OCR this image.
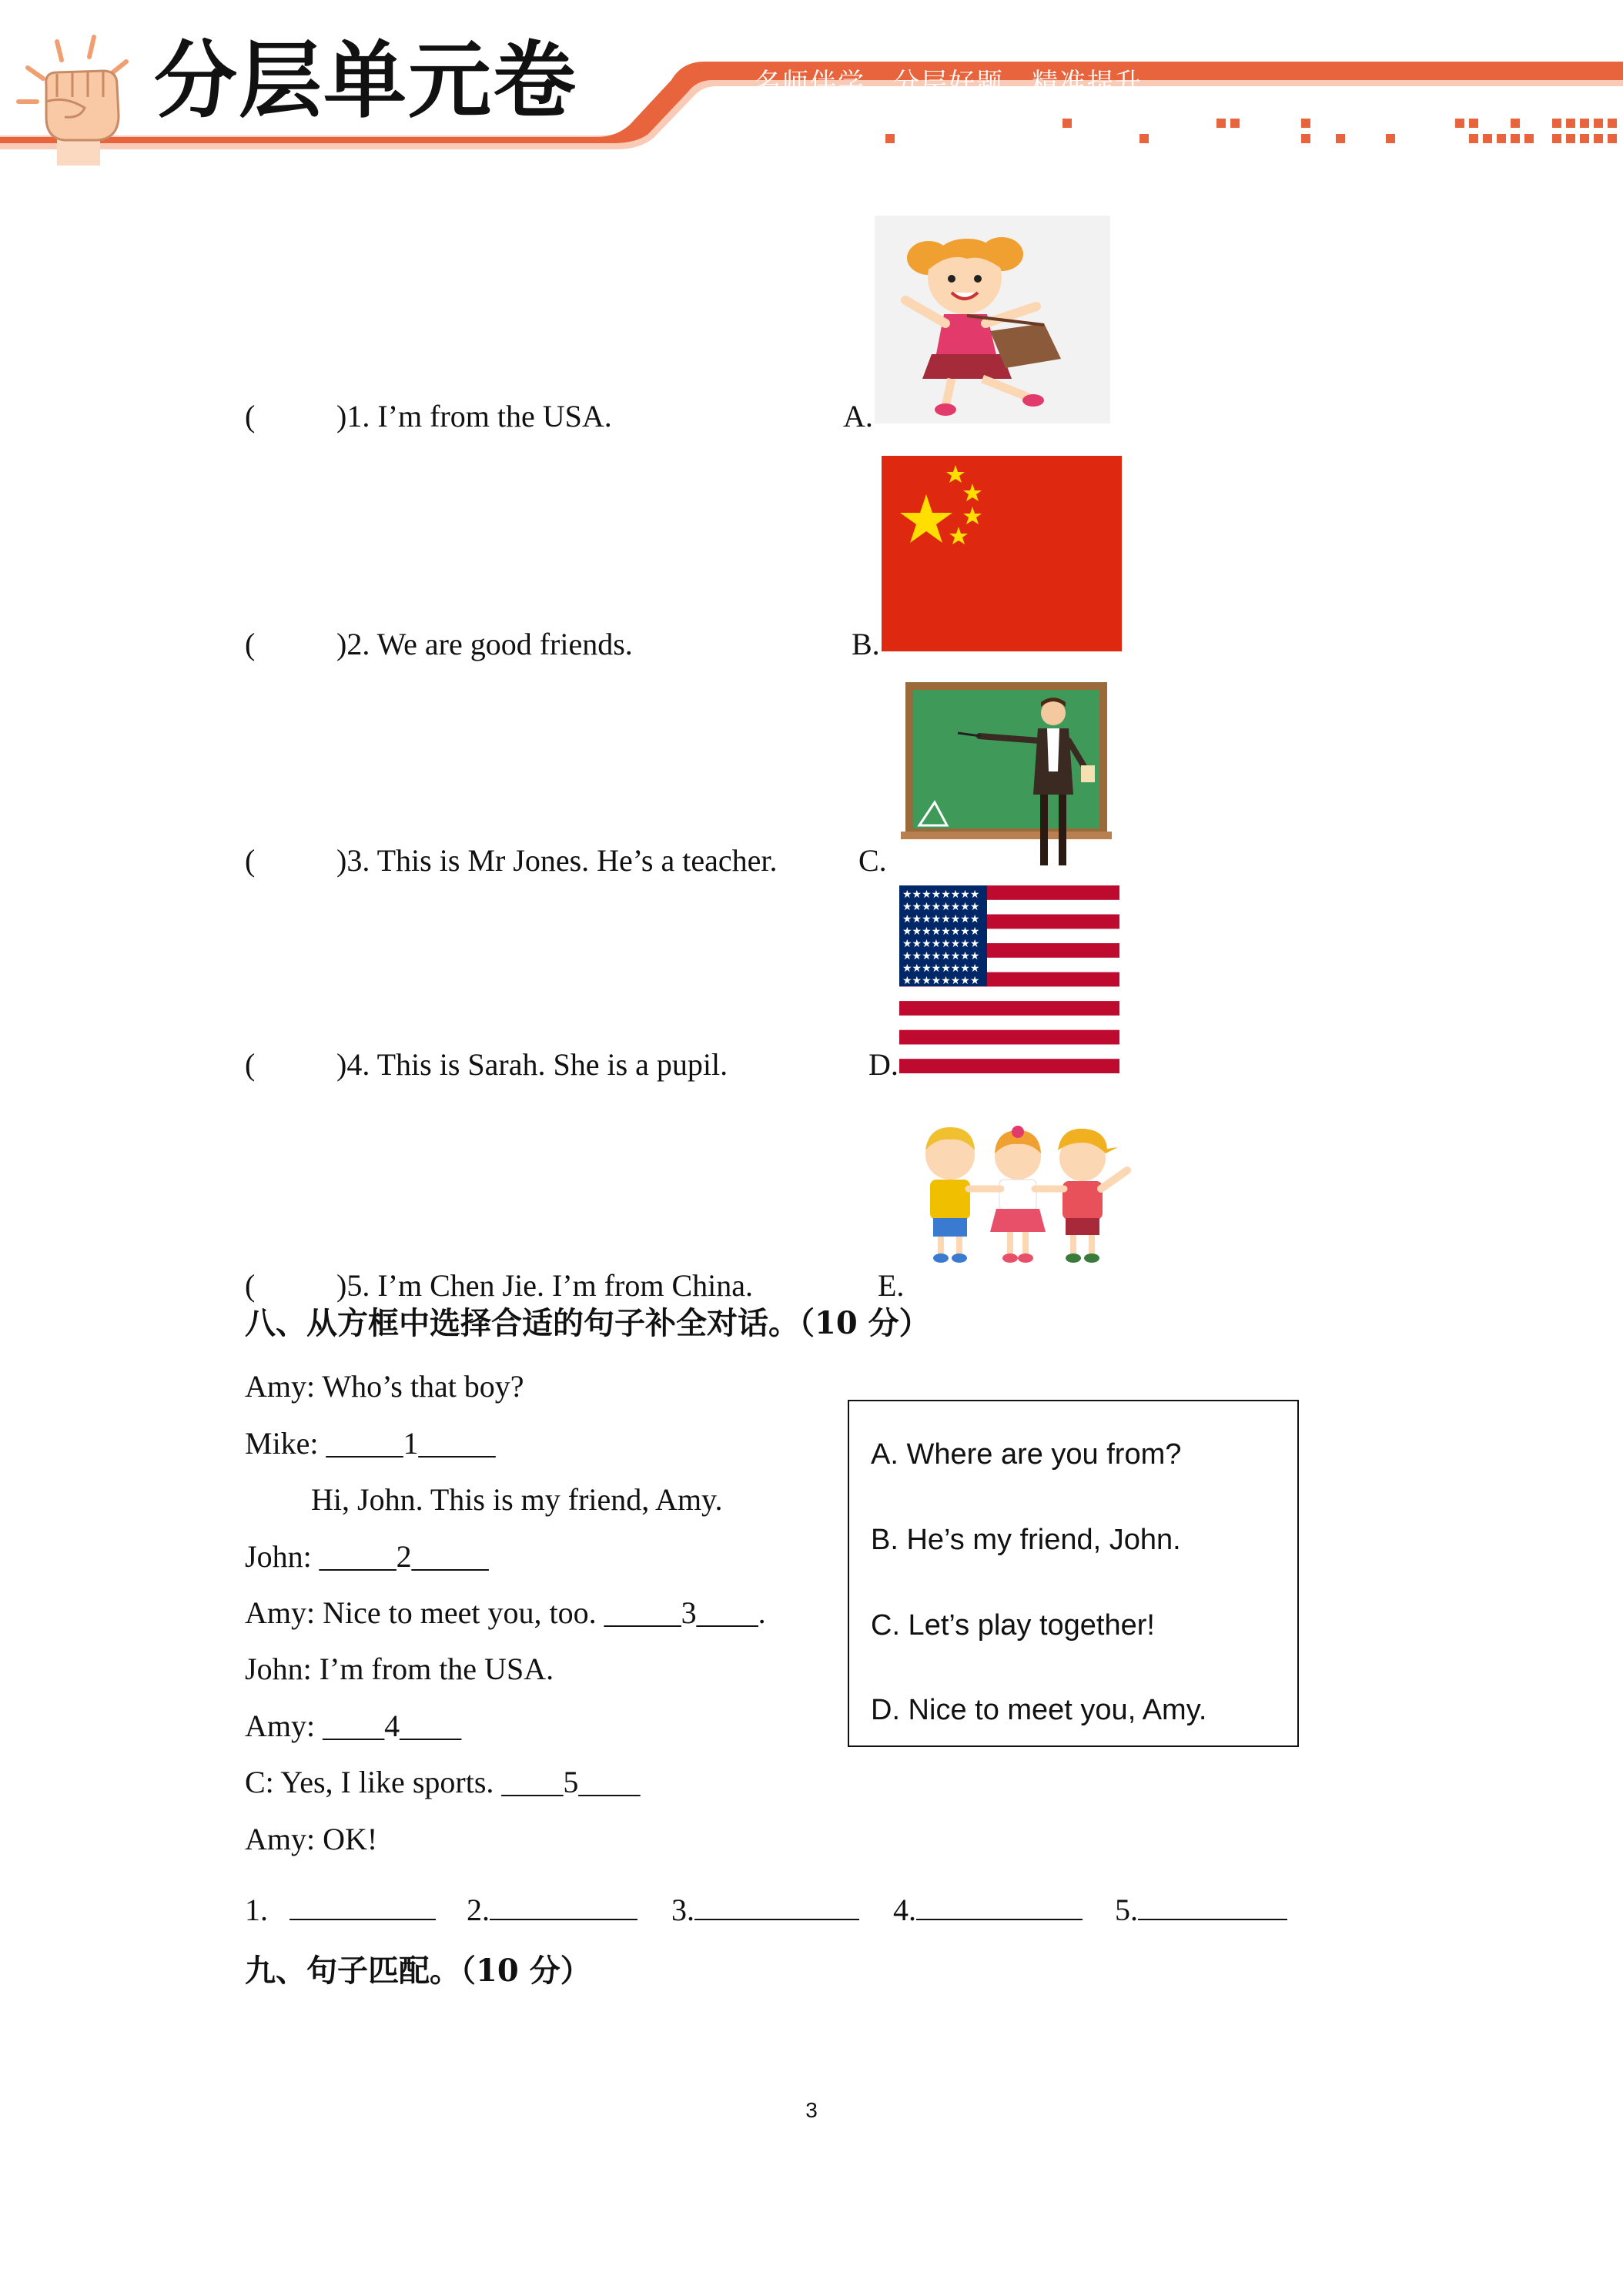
分层单元卷	名师伴学 分层好题 精准提升
(	)1. I’m from the USA.	A.
(	)2. We are good friends.	B.
(	)3. This is Mr Jones. He’s a teacher.	C.
(	)4. This is Sarah. She is a pupil.	D.
(	)5. I’m Chen Jie. I’m from China.	E.
★★★★★★★★
★★★★★★★★
★★★★★★★★
★★★★★★★★
★★★★★★★★
★★★★★★★★
★★★★★★★★
★★★★★★★★
八、从方框中选择合适的句子补全对话。（10 分）
Amy: Who’s that boy?
Mike: _____1_____
Hi, John. This is my friend, Amy.
John: _____2_____
Amy: Nice to meet you, too. _____3____.
John: I’m from the USA.
Amy: ____4____
C: Yes, I like sports. ____5____
Amy: OK!
A. Where are you from?
B. He’s my friend, John.
C. Let’s play together!
D. Nice to meet you, Amy.
1.	2.	3.	4.	5.
九、句子匹配。（10 分）
3
